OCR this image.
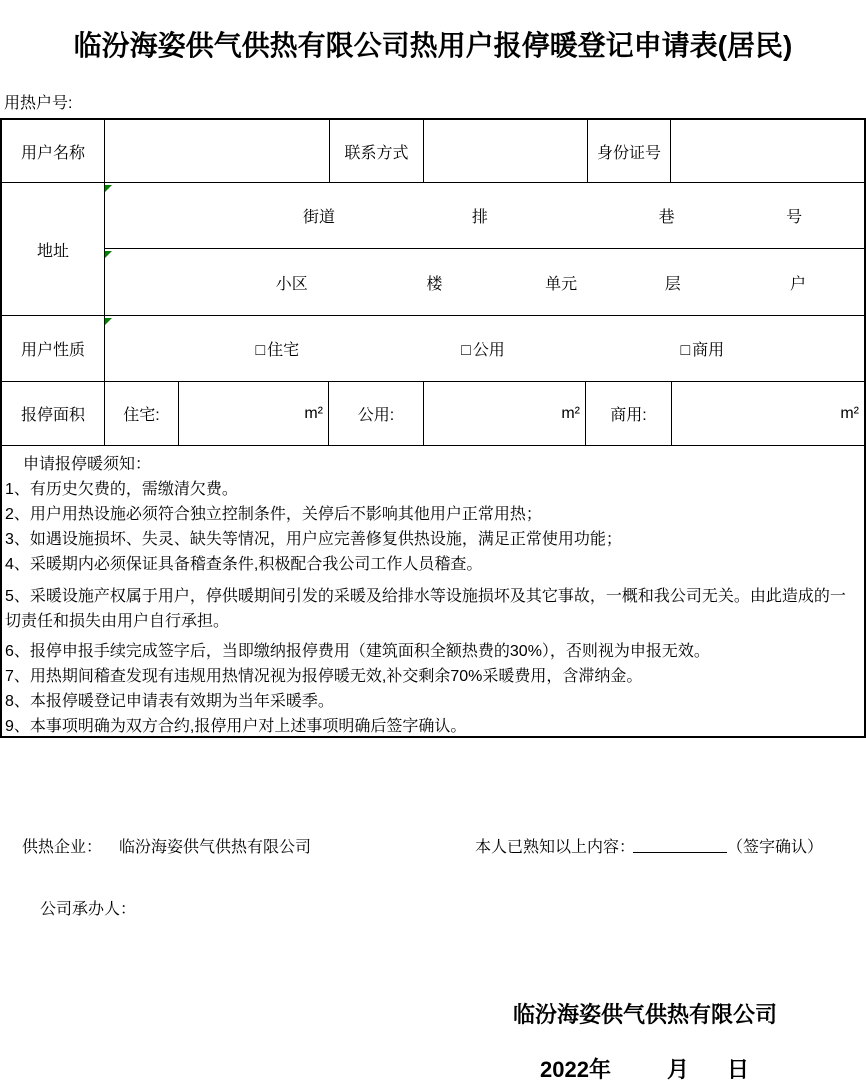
临汾海姿供气供热有限公司热用户报停暖登记申请表(居民)
用热户号:
用户名称	联系方式	身份证号
地址
街道	排	巷	号
小区	楼	单元	层	户
用户性质	□ 住宅	□ 公用	□ 商用
报停面积	住宅:	m²	公用:	m²	商用:	m²
申请报停暖须知：
1、有历史欠费的，需缴清欠费。
2、用户用热设施必须符合独立控制条件，关停后不影响其他用户正常用热；
3、如遇设施损坏、失灵、缺失等情况，用户应完善修复供热设施，满足正常使用功能；
4、采暖期内必须保证具备稽查条件,积极配合我公司工作人员稽查。
5、采暖设施产权属于用户，停供暖期间引发的采暖及给排水等设施损坏及其它事故，一概和我公司无关。由此造成的一切责任和损失由用户自行承担。
6、报停申报手续完成签字后，当即缴纳报停费用（建筑面积全额热费的30%），否则视为申报无效。
7、用热期间稽查发现有违规用热情况视为报停暖无效,补交剩余70%采暖费用，含滞纳金。
8、本报停暖登记申请表有效期为当年采暖季。
9、本事项明确为双方合约,报停用户对上述事项明确后签字确认。
供热企业： 临汾海姿供气供热有限公司	本人已熟知以上内容：	（签字确认）
公司承办人：
临汾海姿供气供热有限公司
2022年	月 日
